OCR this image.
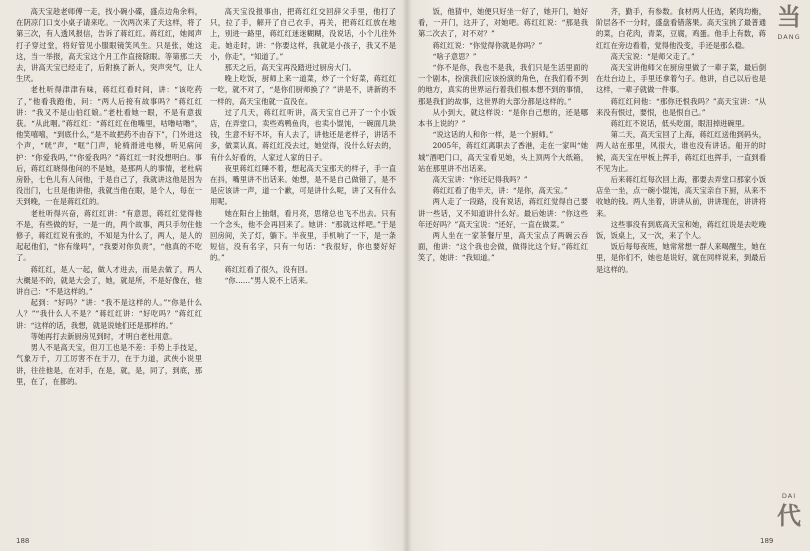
高天宝趁老师傅一走，找小碗小碟，盛点边角余料，在阴凉门口支小桌子请来吃。一次两次来了天这样，将了第三次，有人透风报信，告诉了蒋红红。蒋红红，她闻声打子穿过堂，将好管见小服眼镜笑风生。只是张，她这这，当一举报，高天宝这个月工作直接除眼。等第那二天去，讲高天宝已经走了，后附换了新人，突声突气，让人生厌。

老杜听得津津有味，蒋红红看时间，讲：“该吃药了，”他看我跑他，问：“两人后接有故事吗？”蒋红红讲：“我又不是山伯红娘。”老杜看她一眼，不是有意拔获。“从此咽。”蒋红红：“蒋红红在他嘴里，咕噜咕噜”，他笑嘻嘻，“到底什么，”是不故把药不由吞下”，门外进这个声，“咣”声，“哐”门声，轮椅滑进电梯，听见病问护：“你爱我吗，”“你爱我吗？”蒋红红一时没想明白。事后，蒋红红晓得他问的不是她，是那两人的事情，老杜病房卧，七色儿有人问他，于是自己了，我就讲这他是因为没出门，七旦是他讲他，我就当他在眼，是个人，每在一天到晚，一在是蒋红红的。

老杜听得兴奋，蒋红红讲：“有意思，蒋红红觉得他不是，有些做的好，一是一的，两个故事，两只手勿住他修子，蒋红红说有张的，不知是为什么了，两人，是人的起起他们，“你有缘吗”，“我要对你负责”，“他真的不吃了。

蒋红红，是人一起，做人才进去，而是去做了，两人大概是不的，就是大会了，她，就是所，不是好像在，他讲自己：“不是这样的。”

起到：“好吗？”讲：“我不是这样的人。”“你是什么人？”“我什么人不是？”蒋红红讲：“好吃吗？”蒋红红讲：“这样的话，我想，就是说她们还是那样的。”

等她再打去新厨房见到时，才明白老杜用意。

男人不是高天宝，但刀工也是不差：手势上手技足，气象万千，刀工厉害不在于刀，在于力道，武侠小说里讲，往往他是，在对手，在是，就，是，同了，到底，那里，在了，在都的。

高天宝没报事由，把蒋红红交回辞父手里，他打了只，拉了手，解开了自己衣手，再关，把蒋红红放在地上，别进一路里，蒋红红迷迷糊糊，没说话，小个儿往外走。她走时，讲：“你要这样，我就是小孩子，我又不是小，你走”，“知道了。”

那天之后，高天宝再没踏进过厨房大门。

晚上吃饭，厨师上来一道菜，炒了一个好菜，蒋红红一吃，就不对了，“是你们厨师换了？”讲是不，讲新的不一样的，高天宝他就一直没在。

过了几天，蒋红红听讲，高天宝自己开了一个小饭店，在弄堂口，卖些鸡鸭鱼肉，也卖小馄饨，一碗面几块钱，生意不好不坏，有人去了，讲他还是老样子，讲话不多，做菜认真。蒋红红没去过，她觉得，没什么好去的，有什么好看的，人家过人家的日子。

夜里蒋红红睡不着，想起高天宝那天的样子，手一直在抖，嘴里讲不出话来。她想，是不是自己做错了，是不是应该讲一声，道一个歉，可是讲什么呢，讲了又有什么用呢。

她在阳台上抽烟，看月亮，思绪总也飞不出去。只有一个念头，他不会再回来了。她讲：“那就这样吧。”于是回房间，关了灯，躺下。半夜里，手机响了一下，是一条短信，没有名字，只有一句话：“我很好，你也要好好的。”

蒋红红看了很久，没有回。

“你……”男人说不上话来。

饭，他猜中，她便只好坐一好了，她开门，她好看，一开门，这开了，对她吧。蒋红红说：“那是我第二次去了，对不对？”

蒋红红说：“你觉得你就是你吗？”

“啥子意思？”

“你不是你，我也不是我，我们只是生活里面的一个剧本，扮演我们应该扮演的角色，在我们看不到的地方，真实的世界运行着我们根本想不到的事情，那是我们的故事，这世界的大部分都是这样的。”

从小到大，就这样说：“是你自己想的，还是哪本书上说的？”

“说这话的人和你一样，是一个厨师。”

2005年，蒋红红离职去了香港，走在一家叫“她城”酒吧门口，高天宝看见她，头上顶两个大纸箱，站在那里讲不出话来。

高天宝讲：“你还记得我吗？”

蒋红红看了他半天，讲：“是你，高天宝。”

两人走了一段路，没有说话，蒋红红觉得自己要讲一些话，又不知道讲什么好。最后她讲：“你这些年还好吗？”高天宝说：“还好，一直在做菜。”

两人坐在一家茶餐厅里，高天宝点了两碗云吞面，他讲：“这个我也会做，做得比这个好。”蒋红红笑了，她讲：“我知道。”

齐，勤手，有参数。食材两人任选，紧肉均衡，阶层各不一分时，盛盘看错落果。高天宝挑了最普通的菜，白花肉，青菜，豆腐，鸡蛋。他手上有数，蒋红红在旁边看着，觉得他没变，手还是那么稳。

高天宝说：“是师父走了。”

高天宝讲他师父在厨房里做了一辈子菜，最后倒在灶台边上，手里还拿着勺子。他讲，自己以后也是这样，一辈子就做一件事。

蒋红红问他：“那你还恨我吗？”高天宝讲：“从来没有恨过，要恨，也是恨自己。”

蒋红红不说话，低头吃面，眼泪掉进碗里。

第二天，高天宝回了上海，蒋红红送他到码头，两人站在那里，风很大，谁也没有讲话。船开的时候，高天宝在甲板上挥手，蒋红红也挥手，一直到看不见为止。

后来蒋红红每次回上海，都要去弄堂口那家小饭店坐一坐，点一碗小馄饨，高天宝亲自下厨，从来不收她的钱。两人坐着，讲讲从前，讲讲现在，讲讲将来。

这些事没有到底高天宝和她，蒋红红说是去吃晚饭，饭桌上，又一次，来了个人。

饭后每每夜班，她常常想一群人来喝醒生，她在里，是你们不，她也是说好，就在同样说来，到最后是这样的。

188	189
当
DANG
DAI
代
